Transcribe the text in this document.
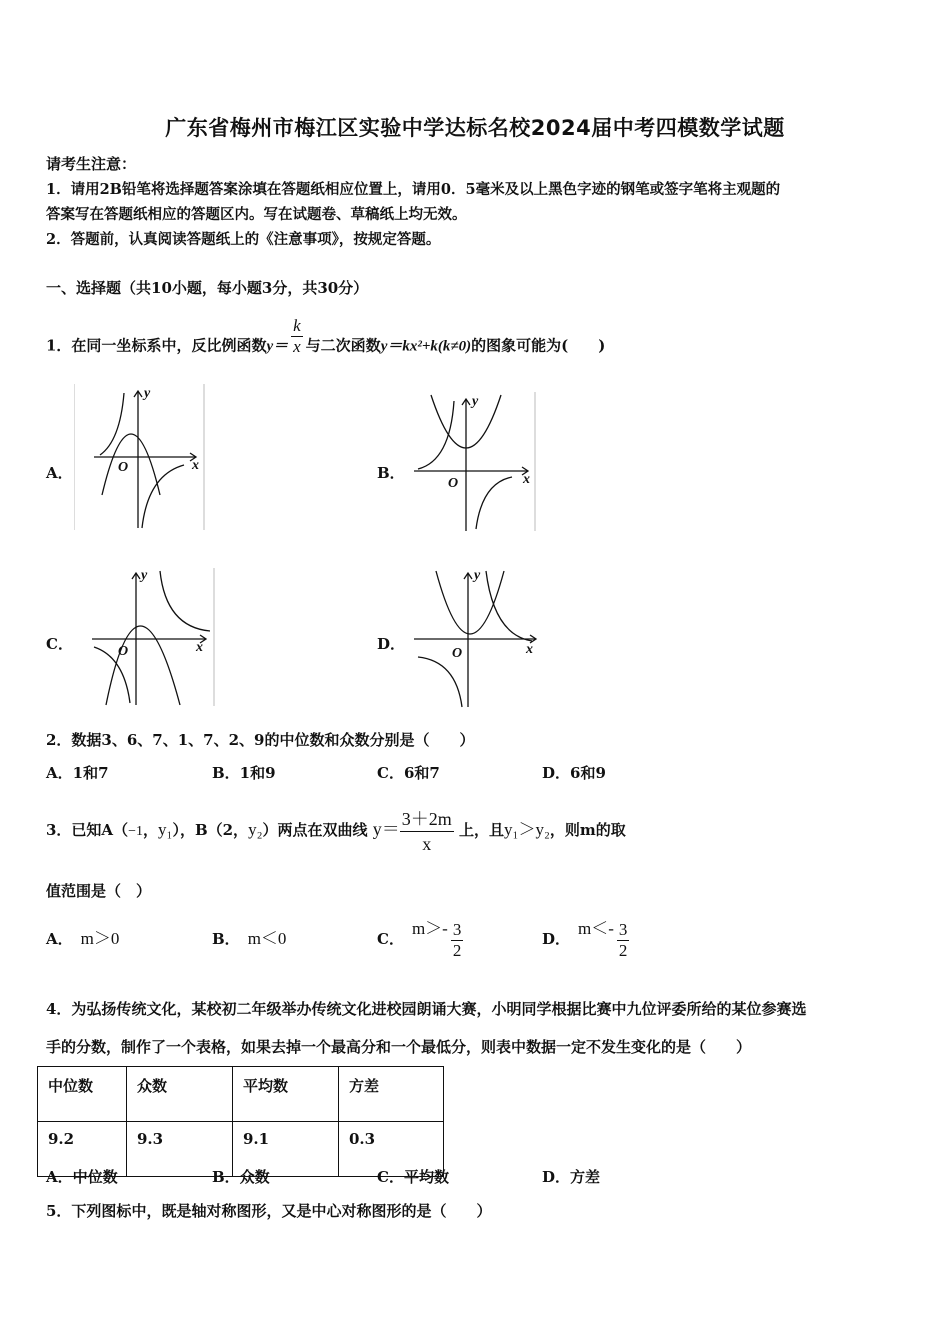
广东省梅州市梅江区实验中学达标名校2024届中考四模数学试题
请考生注意：
1．请用2B铅笔将选择题答案涂填在答题纸相应位置上，请用0．5毫米及以上黑色字迹的钢笔或签字笔将主观题的
答案写在答题纸相应的答题区内。写在试题卷、草稿纸上均无效。
2．答题前，认真阅读答题纸上的《注意事项》，按规定答题。
一、选择题（共10小题，每小题3分，共30分）
1．在同一坐标系中，反比例函数$y= \frac{k}{x}$ 与二次函数y＝kx²+k(k≠0)的图象可能为(　　)
A．	B．
C．	D．
y
x
O
y
x
O
y
x
O
y
x
O
2．数据3、6、7、1、7、2、9的中位数和众数分别是（　　）
A．1和7	B．1和9	C．6和7	D．6和9
3．已知A（−1，y₁），B（2，y₂）两点在双曲线 $y= \frac{3+2m}{x}$ 上，且y₁＞y₂，则m的取
值范围是（　）
A． m＞0	B． m＜0	C．$m>- \frac{3}{2}$	D．$m<- \frac{3}{2}$
4．为弘扬传统文化，某校初二年级举办传统文化进校园朗诵大赛，小明同学根据比赛中九位评委所给的某位参赛选
手的分数，制作了一个表格，如果去掉一个最高分和一个最低分，则表中数据一定不发生变化的是（　　）
中位数	众数	平均数	方差
9.2	9.3	9.1	0.3
A．中位数	B．众数	C．平均数	D．方差
5．下列图标中，既是轴对称图形，又是中心对称图形的是（　　）
